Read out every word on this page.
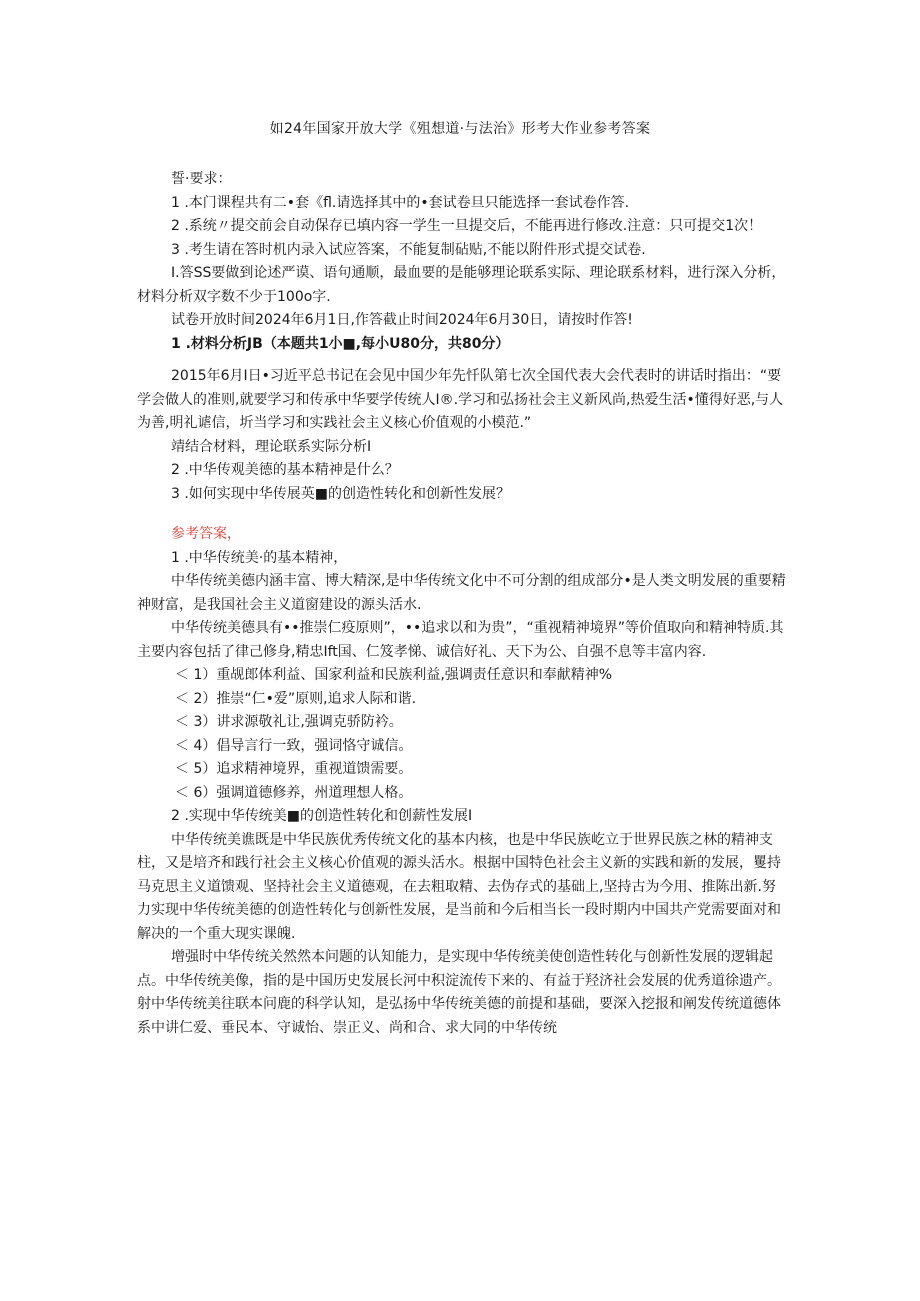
如24年国家开放大学《殂想道·与法治》形考大作业参考答案

誓·要求：

1 .本门课程共有二•套《fl.请选择其中的•套试卷旦只能选择一套试卷作答.

2 .系统〃提交前会自动保存已填内容一学生一旦提交后，不能再进行修改.注意：只可提交1次！

3 .考生请在答时机内录入试应答案，不能复制砧贴,不能以附件形式提交试卷.

I.答SS要做到论述严谟、语句通顺，最血要的是能够理论联系实际、理论联系材料，进行深入分析，材料分析双字数不少于100o字.

试卷开放时间2024年6月1日,作答截止时间2024年6月30日，请按时作答!

1 .材料分析JB（本题共1小■,每小U80分，共80分）

2015年6月I日•习近平总书记在会见中国少年先忏队第七次全国代表大会代表时的讲话时指出：“要学会做人的准则,就要学习和传承中华要学传统人I®.学习和弘扬社会主义新风尚,热爱生活•懂得好恶,与人为善,明礼谑信，圻当学习和实践社会主义核心价值观的小模范.”

靖结合材料，理论联系实际分析I

2 .中华传观美德的基本精神是什么？

3 .如何实现中华传展英■的创造性转化和创新性发展？

参考答案，

1 .中华传统美·的基本精神，

中华传统美德内涵丰富、博大精深,是中华传统文化中不可分割的组成部分•是人类文明发展的重要精神财富，是我国社会主义道窗建设的源头活水.

中华传统美德具有••推崇仁疫原则”，••追求以和为贵”，“重视精神境界”等价值取向和精神特质.其主要内容包括了律己修身,精忠Ift国、仁笈孝悌、诚信好礼、天下为公、自强不息等丰富内容.

＜ 1）重觇郎体利益、国家利益和民族利益,强调责任意识和奉献精神%

＜ 2）推崇“仁•爱”原则,追求人际和谐.

＜ 3）讲求源敬礼让,强调克骄防衿。

＜ 4）倡导言行一致，强词恪守诚信。

＜ 5）追求精神境界，重视道馈需要。

＜ 6）强调道德修养，州道理想人格。

2 .实现中华传统美■的创造性转化和创薪性发展I

中华传统美谯既是中华民族优秀传统文化的基本内核，也是中华民族屹立于世界民族之林的精神支柱，又是培齐和践行社会主义核心价值观的源头活水。根据中国特色社会主义新的实践和新的发展，矍持马克思主义道馈观、坚持社会主义道德观，在去粗取精、去伪存式的基础上,坚持古为今用、推陈出新.努力实现中华传统美德的创造性转化与创新性发展，是当前和今后相当长一段时期内中国共产党需要面对和解决的一个重大现实课魄.

增强时中华传统关然然本问题的认知能力，是实现中华传统美使创造性转化与创新性发展的逻辑起点。中华传统美像，指的是中国历史发展长河中积淀流传下来的、有益于羟济社会发展的优秀道徐遗产。射中华传统美往联本问鹿的科学认知，是弘扬中华传统美德的前提和基础，要深入挖报和阐发传统道德体系中讲仁爱、垂民本、守诚怡、崇正义、尚和合、求大同的中华传统
